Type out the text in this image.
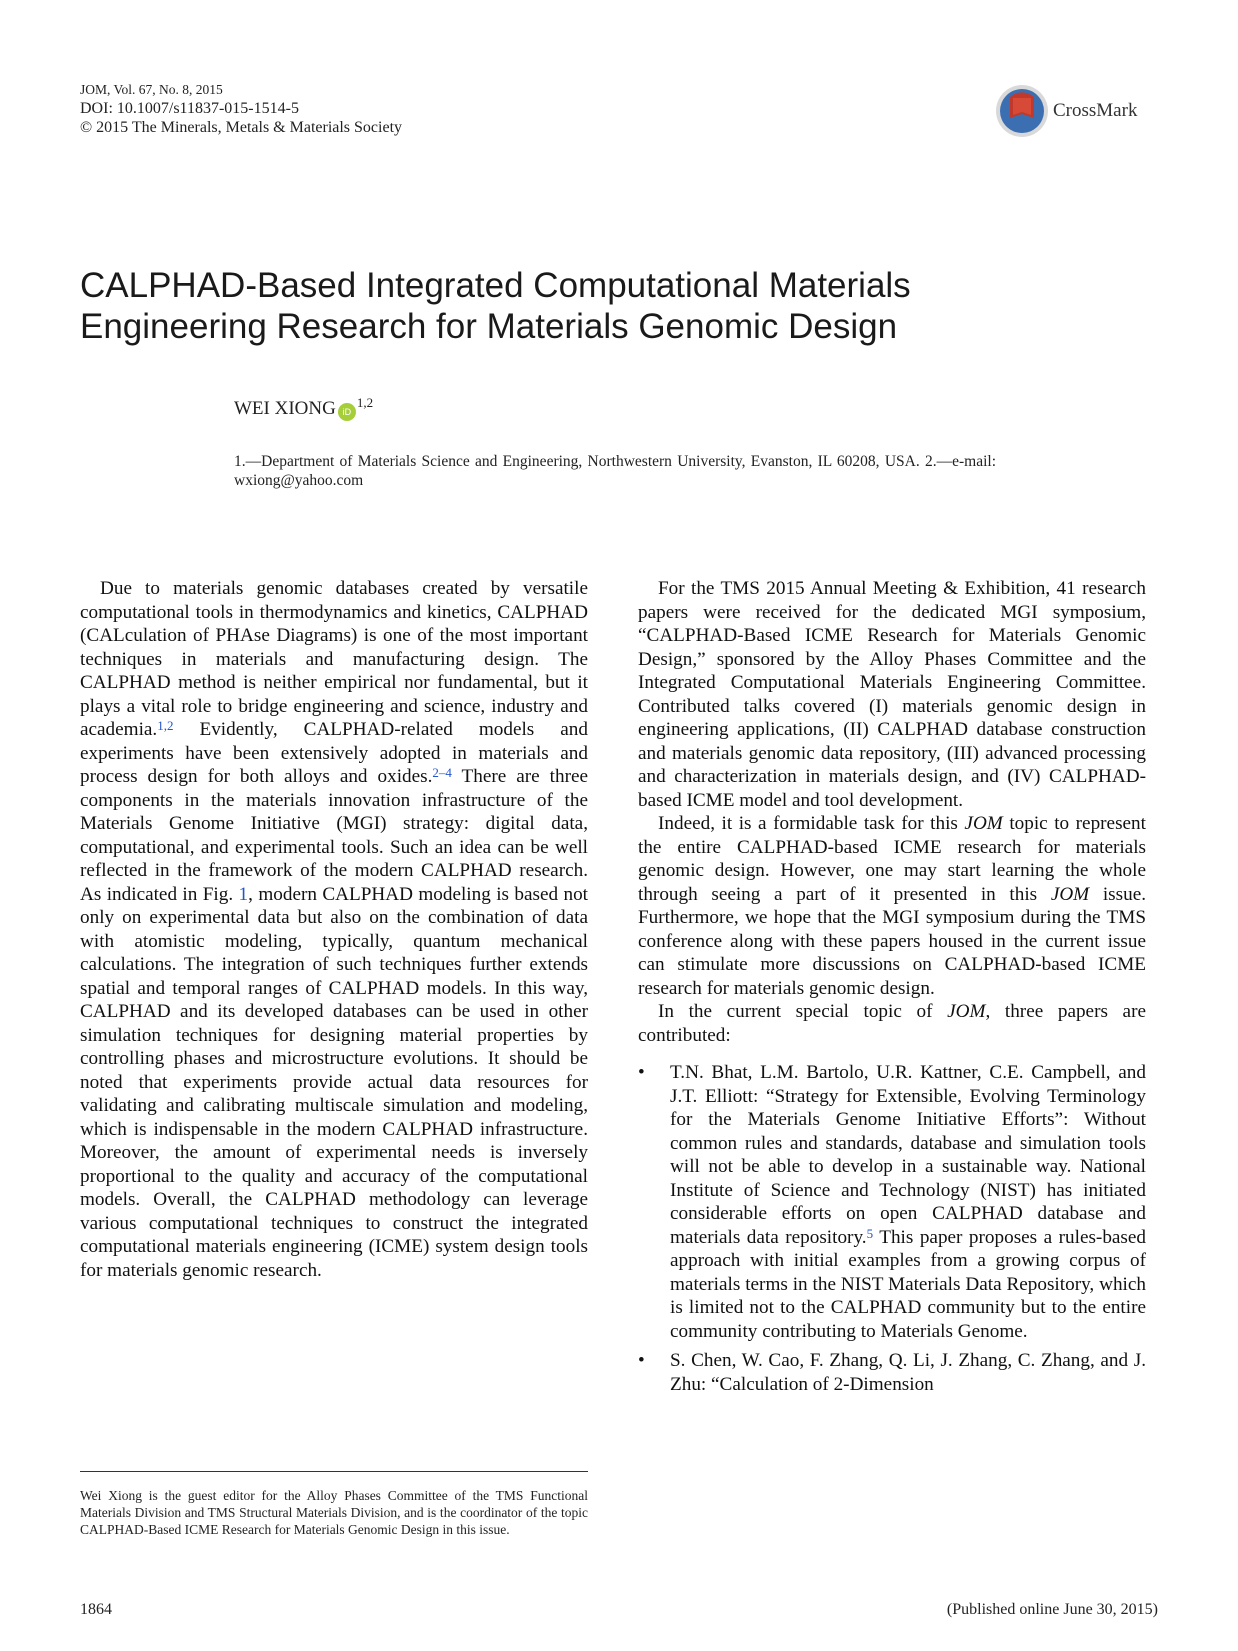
JOM, Vol. 67, No. 8, 2015
DOI: 10.1007/s11837-015-1514-5
© 2015 The Minerals, Metals & Materials Society
CrossMark
CALPHAD-Based Integrated Computational Materials
Engineering Research for Materials Genomic Design
WEI XIONG iD
$^{1,2}$
1.—Department of Materials Science and Engineering, Northwestern University, Evanston, IL 60208, USA. 2.—e-mail: wxiong@yahoo.com

Due to materials genomic databases created by versatile computational tools in thermodynamics and kinetics, CALPHAD (CALculation of PHAse Diagrams) is one of the most important techniques in materials and manufacturing design. The CALPHAD method is neither empirical nor fundamental, but it plays a vital role to bridge engineering and science, industry and academia.$^{1,2}$ Evidently, CALPHAD-related models and experiments have been extensively adopted in materials and process design for both alloys and oxides.$^{2-4}$ There are three components in the materials innovation infrastructure of the Materials Genome Initiative (MGI) strategy: digital data, computational, and experimental tools. Such an idea can be well reflected in the framework of the modern CALPHAD research. As indicated in Fig. 1, modern CALPHAD modeling is based not only on experimental data but also on the combination of data with atomistic modeling, typically, quantum mechanical calculations. The integration of such techniques further extends spatial and temporal ranges of CALPHAD models. In this way, CALPHAD and its developed databases can be used in other simulation techniques for designing material properties by controlling phases and microstructure evolutions. It should be noted that experiments provide actual data resources for validating and calibrating multiscale simulation and modeling, which is indispensable in the modern CALPHAD infrastructure. Moreover, the amount of experimental needs is inversely proportional to the quality and accuracy of the computational models. Overall, the CALPHAD methodology can leverage various computational techniques to construct the integrated computational materials engineering (ICME) system design tools for materials genomic research.

Wei Xiong is the guest editor for the Alloy Phases Committee of the TMS Functional Materials Division and TMS Structural Materials Division, and is the coordinator of the topic CALPHAD-Based ICME Research for Materials Genomic Design in this issue.

For the TMS 2015 Annual Meeting & Exhibition, 41 research papers were received for the dedicated MGI symposium, “CALPHAD-Based ICME Research for Materials Genomic Design,” sponsored by the Alloy Phases Committee and the Integrated Computational Materials Engineering Committee. Contributed talks covered (I) materials genomic design in engineering applications, (II) CALPHAD database construction and materials genomic data repository, (III) advanced processing and characterization in materials design, and (IV) CALPHAD-based ICME model and tool development.

Indeed, it is a formidable task for this JOM topic to represent the entire CALPHAD-based ICME research for materials genomic design. However, one may start learning the whole through seeing a part of it presented in this JOM issue. Furthermore, we hope that the MGI symposium during the TMS conference along with these papers housed in the current issue can stimulate more discussions on CALPHAD-based ICME research for materials genomic design.

In the current special topic of JOM, three papers are contributed:

• T.N. Bhat, L.M. Bartolo, U.R. Kattner, C.E. Campbell, and J.T. Elliott: “Strategy for Extensible, Evolving Terminology for the Materials Genome Initiative Efforts”: Without common rules and standards, database and simulation tools will not be able to develop in a sustainable way. National Institute of Science and Technology (NIST) has initiated considerable efforts on open CALPHAD database and materials data repository.$^5$ This paper proposes a rules-based approach with initial examples from a growing corpus of materials terms in the NIST Materials Data Repository, which is limited not to the CALPHAD community but to the entire community contributing to Materials Genome.
• S. Chen, W. Cao, F. Zhang, Q. Li, J. Zhang, C. Zhang, and J. Zhu: “Calculation of 2-Dimension
1864	(Published online June 30, 2015)
